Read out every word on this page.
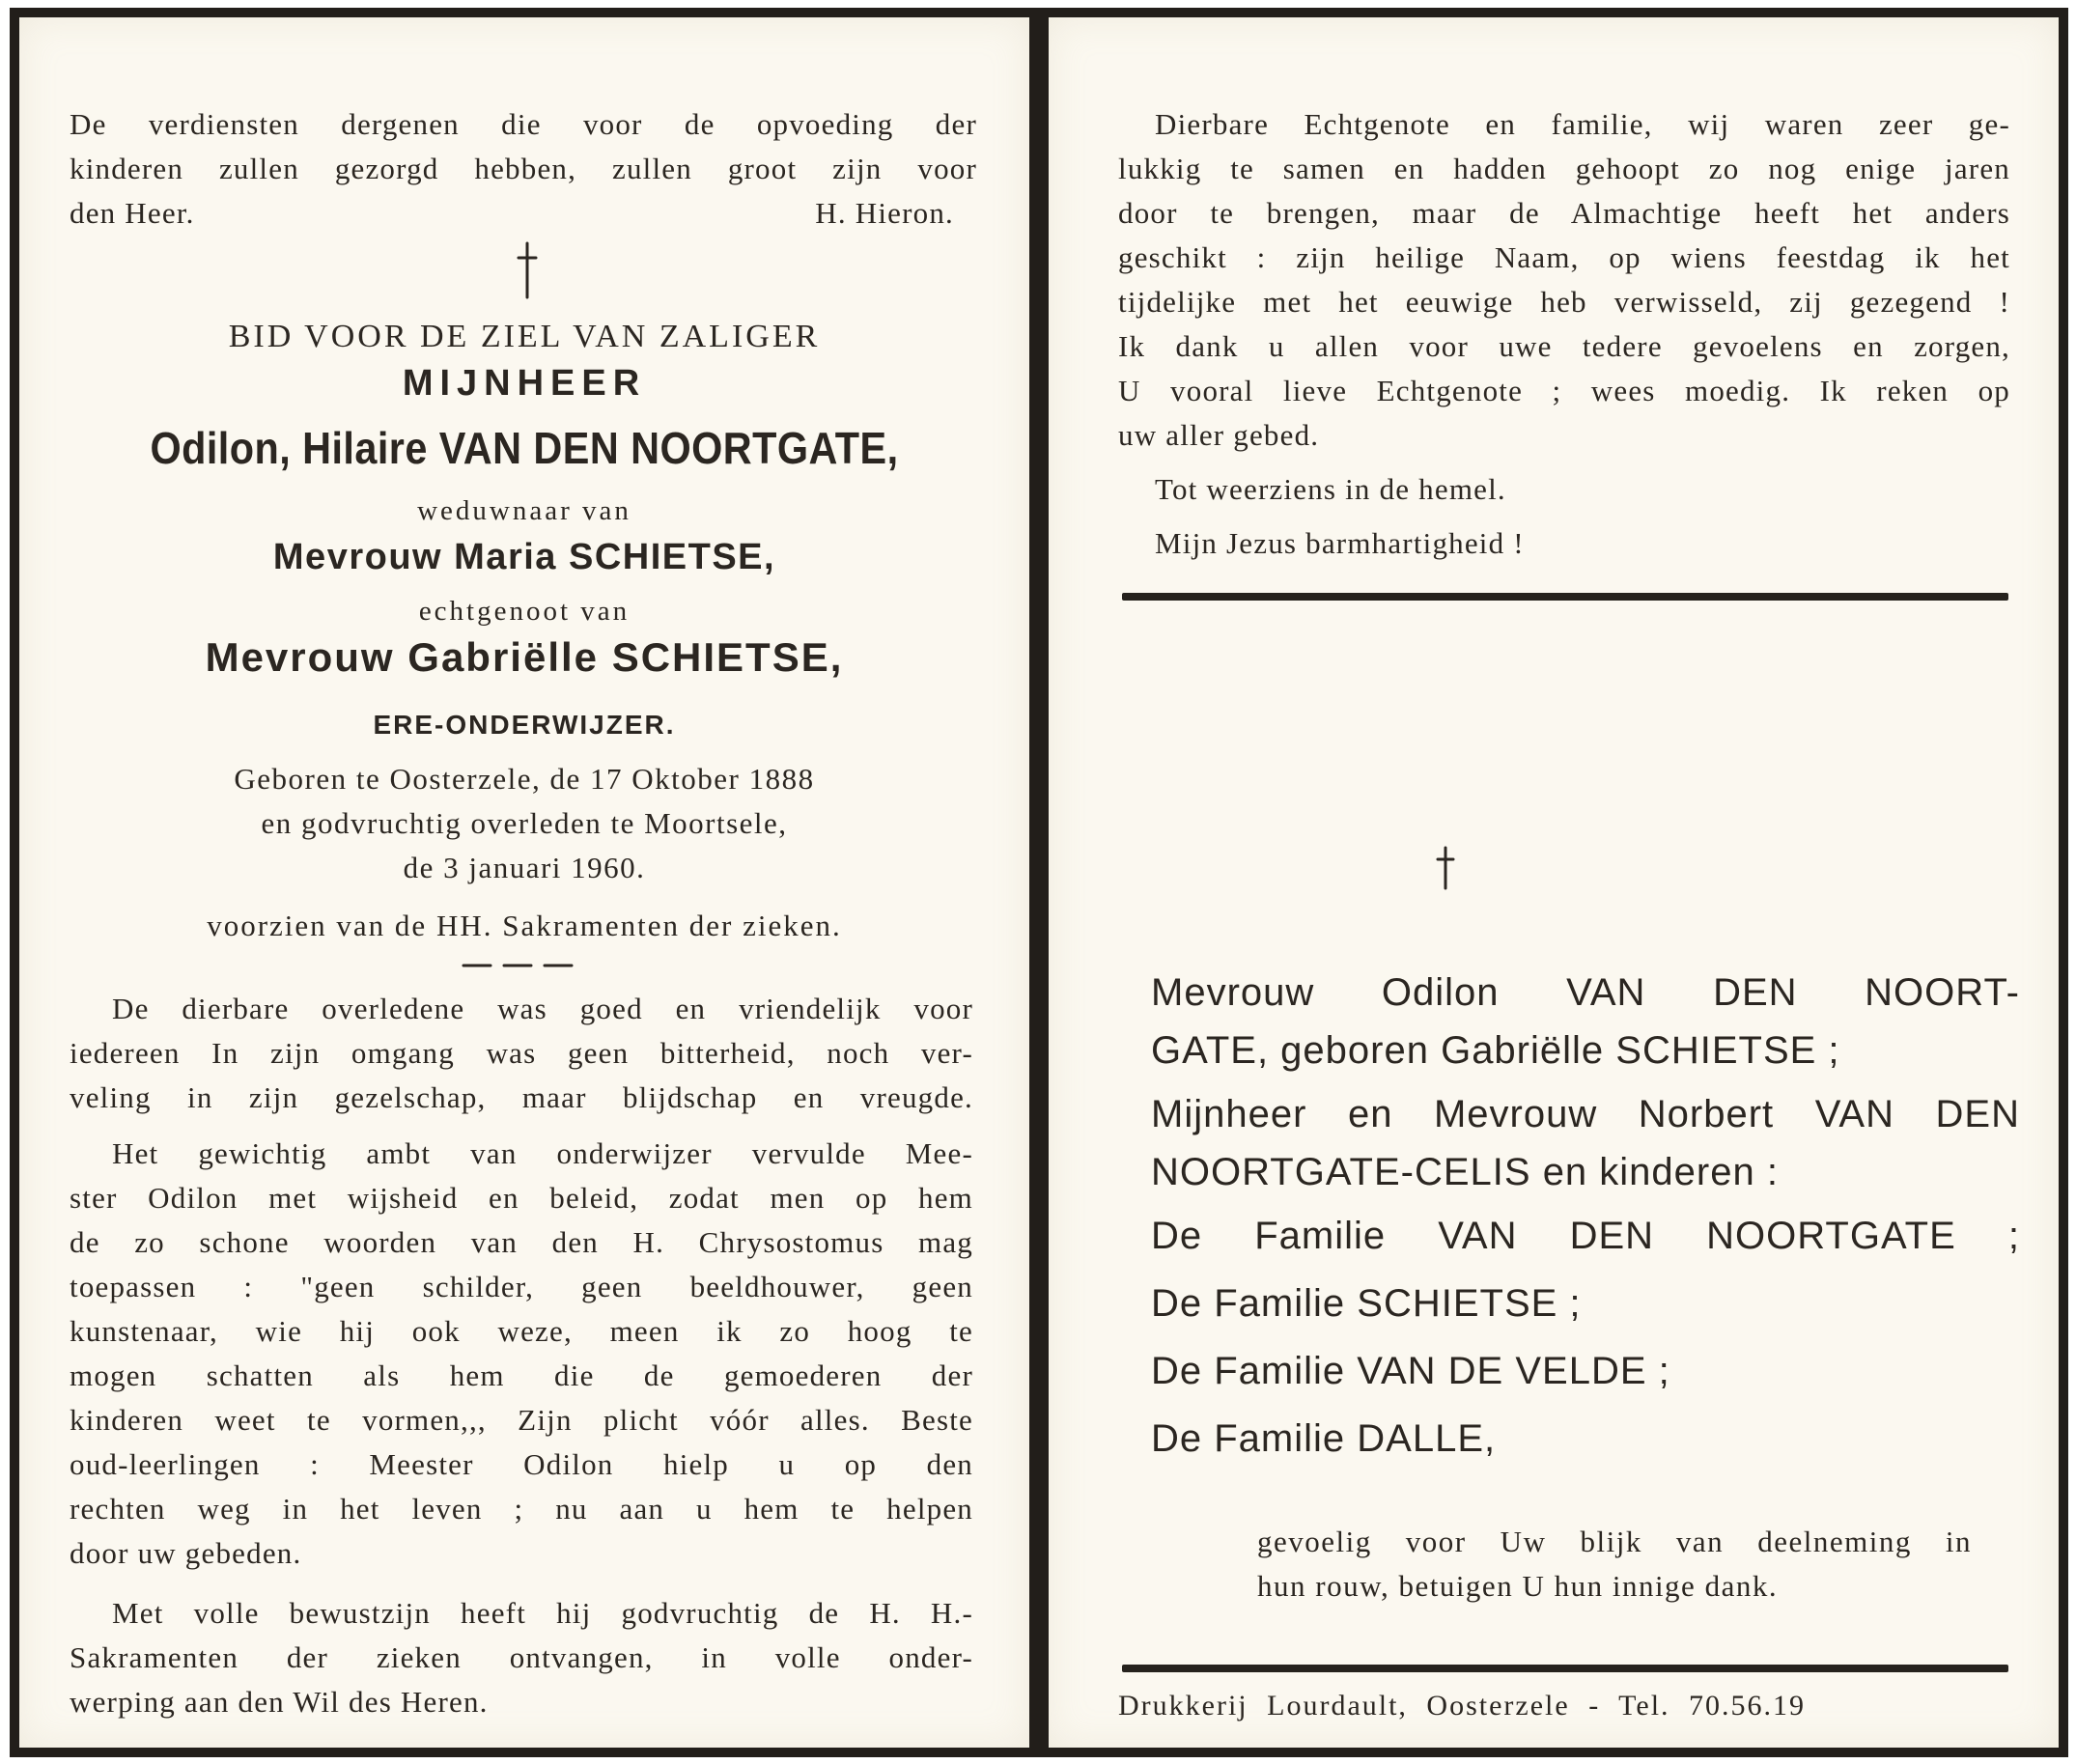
De verdiensten dergenen die voor de opvoeding der
kinderen zullen gezorgd hebben, zullen groot zijn voor
den Heer.	H. Hieron.
BID VOOR DE ZIEL VAN ZALIGER
MIJNHEER
Odilon, Hilaire VAN DEN NOORTGATE,
weduwnaar van
Mevrouw Maria SCHIETSE,
echtgenoot van
Mevrouw Gabriëlle SCHIETSE,
ERE-ONDERWIJZER.
Geboren te Oosterzele, de 17 Oktober 1888
en godvruchtig overleden te Moortsele,
de 3 januari 1960.
voorzien van de HH. Sakramenten der zieken.
De dierbare overledene was goed en vriendelijk voor
iedereen In zijn omgang was geen bitterheid, noch ver-
veling in zijn gezelschap, maar blijdschap en vreugde.
Het gewichtig ambt van onderwijzer vervulde Mee-
ster Odilon met wijsheid en beleid, zodat men op hem
de zo schone woorden van den H. Chrysostomus mag
toepassen : "geen schilder, geen beeldhouwer, geen
kunstenaar, wie hij ook weze, meen ik zo hoog te
mogen schatten als hem die de gemoederen der
kinderen weet te vormen,,, Zijn plicht vóór alles. Beste
oud-leerlingen : Meester Odilon hielp u op den
rechten weg in het leven ; nu aan u hem te helpen
door uw gebeden.
Met volle bewustzijn heeft hij godvruchtig de H. H.-
Sakramenten der zieken ontvangen, in volle onder-
werping aan den Wil des Heren.
Dierbare Echtgenote en familie, wij waren zeer ge-
lukkig te samen en hadden gehoopt zo nog enige jaren
door te brengen, maar de Almachtige heeft het anders
geschikt : zijn heilige Naam, op wiens feestdag ik het
tijdelijke met het eeuwige heb verwisseld, zij gezegend !
Ik dank u allen voor uwe tedere gevoelens en zorgen,
U vooral lieve Echtgenote ; wees moedig. Ik reken op
uw aller gebed.
Tot weerziens in de hemel.
Mijn Jezus barmhartigheid !
Mevrouw Odilon VAN DEN NOORT-
GATE, geboren Gabriëlle SCHIETSE ;
Mijnheer en Mevrouw Norbert VAN DEN
NOORTGATE-CELIS en kinderen :
De Familie VAN DEN NOORTGATE ;
De Familie SCHIETSE ;
De Familie VAN DE VELDE ;
De Familie DALLE,
gevoelig voor Uw blijk van deelneming in
hun rouw, betuigen U hun innige dank.
Drukkerij Lourdault, Oosterzele - Tel. 70.56.19
